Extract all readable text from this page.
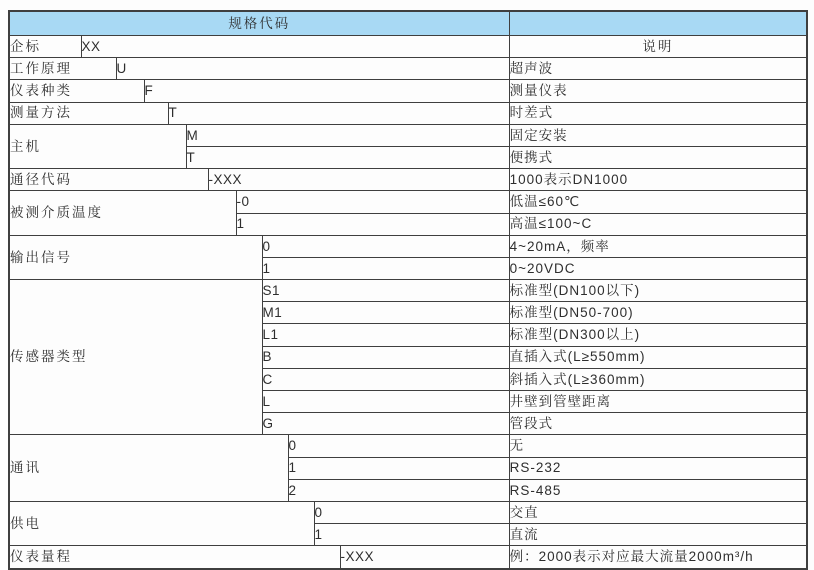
规格代码												
企标	XX											说明
工作原理		U										超声波
仪表种类			F									测量仪表
测量方法				T								时差式
主机					M							固定安装
					T							便携式
通径代码						-XXX						1000表示DN1000
被测介质温度							-0					低温≤60℃
							1					高温≤100~C
输出信号								0				4~20mA，频率
								1				0~20VDC
传感器类型								S1				标准型(DN100以下)
								M1				标准型(DN50-700)
								L1				标准型(DN300以上)
								B				直插入式(L≥550mm)
								C				斜插入式(L≥360mm)
								L				井壁到管壁距离
								G				管段式
通讯									0			无
									1			RS-232
									2			RS-485
供电										0		交直
										1		直流
仪表量程											-XXX	例：2000表示对应最大流量2000m³/h
